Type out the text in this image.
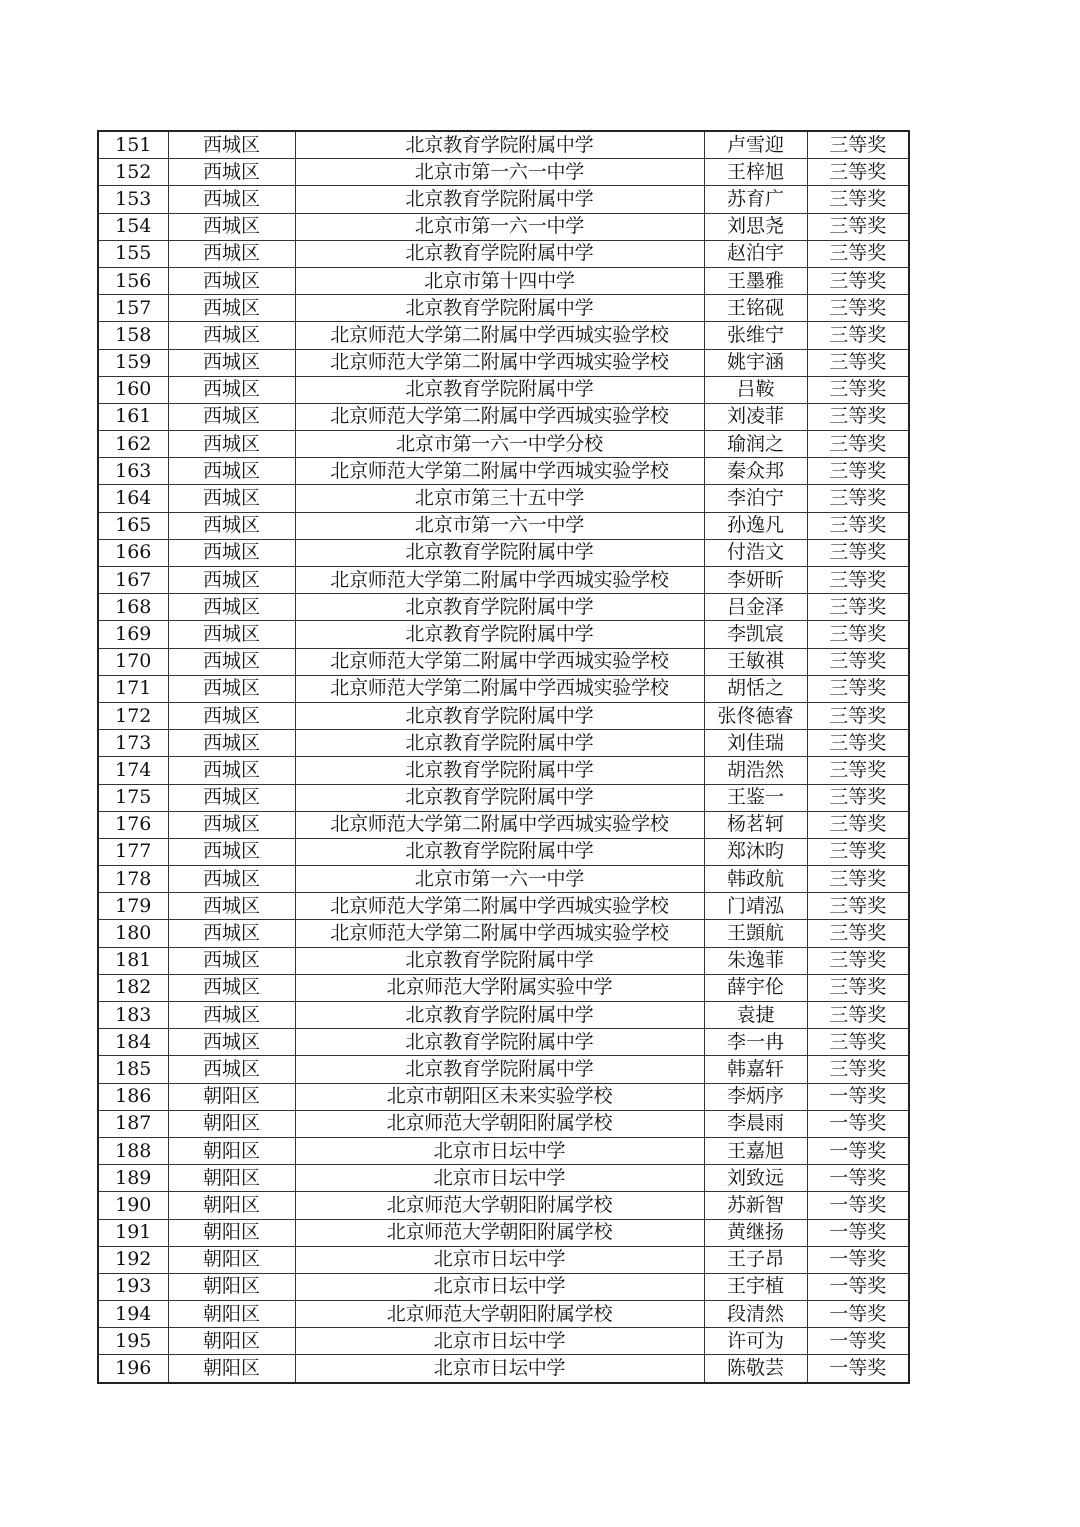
151	西城区	北京教育学院附属中学	卢雪迎	三等奖
152	西城区	北京市第一六一中学	王梓旭	三等奖
153	西城区	北京教育学院附属中学	苏育广	三等奖
154	西城区	北京市第一六一中学	刘思尧	三等奖
155	西城区	北京教育学院附属中学	赵泊宇	三等奖
156	西城区	北京市第十四中学	王墨雅	三等奖
157	西城区	北京教育学院附属中学	王铭砚	三等奖
158	西城区	北京师范大学第二附属中学西城实验学校	张维宁	三等奖
159	西城区	北京师范大学第二附属中学西城实验学校	姚宇涵	三等奖
160	西城区	北京教育学院附属中学	吕鞍	三等奖
161	西城区	北京师范大学第二附属中学西城实验学校	刘凌菲	三等奖
162	西城区	北京市第一六一中学分校	瑜润之	三等奖
163	西城区	北京师范大学第二附属中学西城实验学校	秦众邦	三等奖
164	西城区	北京市第三十五中学	李泊宁	三等奖
165	西城区	北京市第一六一中学	孙逸凡	三等奖
166	西城区	北京教育学院附属中学	付浩文	三等奖
167	西城区	北京师范大学第二附属中学西城实验学校	李妍昕	三等奖
168	西城区	北京教育学院附属中学	吕金泽	三等奖
169	西城区	北京教育学院附属中学	李凯宸	三等奖
170	西城区	北京师范大学第二附属中学西城实验学校	王敏祺	三等奖
171	西城区	北京师范大学第二附属中学西城实验学校	胡恬之	三等奖
172	西城区	北京教育学院附属中学	张佟德睿	三等奖
173	西城区	北京教育学院附属中学	刘佳瑞	三等奖
174	西城区	北京教育学院附属中学	胡浩然	三等奖
175	西城区	北京教育学院附属中学	王鉴一	三等奖
176	西城区	北京师范大学第二附属中学西城实验学校	杨茗轲	三等奖
177	西城区	北京教育学院附属中学	郑沐昀	三等奖
178	西城区	北京市第一六一中学	韩政航	三等奖
179	西城区	北京师范大学第二附属中学西城实验学校	门靖泓	三等奖
180	西城区	北京师范大学第二附属中学西城实验学校	王顗航	三等奖
181	西城区	北京教育学院附属中学	朱逸菲	三等奖
182	西城区	北京师范大学附属实验中学	薛宇伦	三等奖
183	西城区	北京教育学院附属中学	袁捷	三等奖
184	西城区	北京教育学院附属中学	李一冉	三等奖
185	西城区	北京教育学院附属中学	韩嘉轩	三等奖
186	朝阳区	北京市朝阳区未来实验学校	李炳序	一等奖
187	朝阳区	北京师范大学朝阳附属学校	李晨雨	一等奖
188	朝阳区	北京市日坛中学	王嘉旭	一等奖
189	朝阳区	北京市日坛中学	刘致远	一等奖
190	朝阳区	北京师范大学朝阳附属学校	苏新智	一等奖
191	朝阳区	北京师范大学朝阳附属学校	黄继扬	一等奖
192	朝阳区	北京市日坛中学	王子昂	一等奖
193	朝阳区	北京市日坛中学	王宇植	一等奖
194	朝阳区	北京师范大学朝阳附属学校	段清然	一等奖
195	朝阳区	北京市日坛中学	许可为	一等奖
196	朝阳区	北京市日坛中学	陈敬芸	一等奖
